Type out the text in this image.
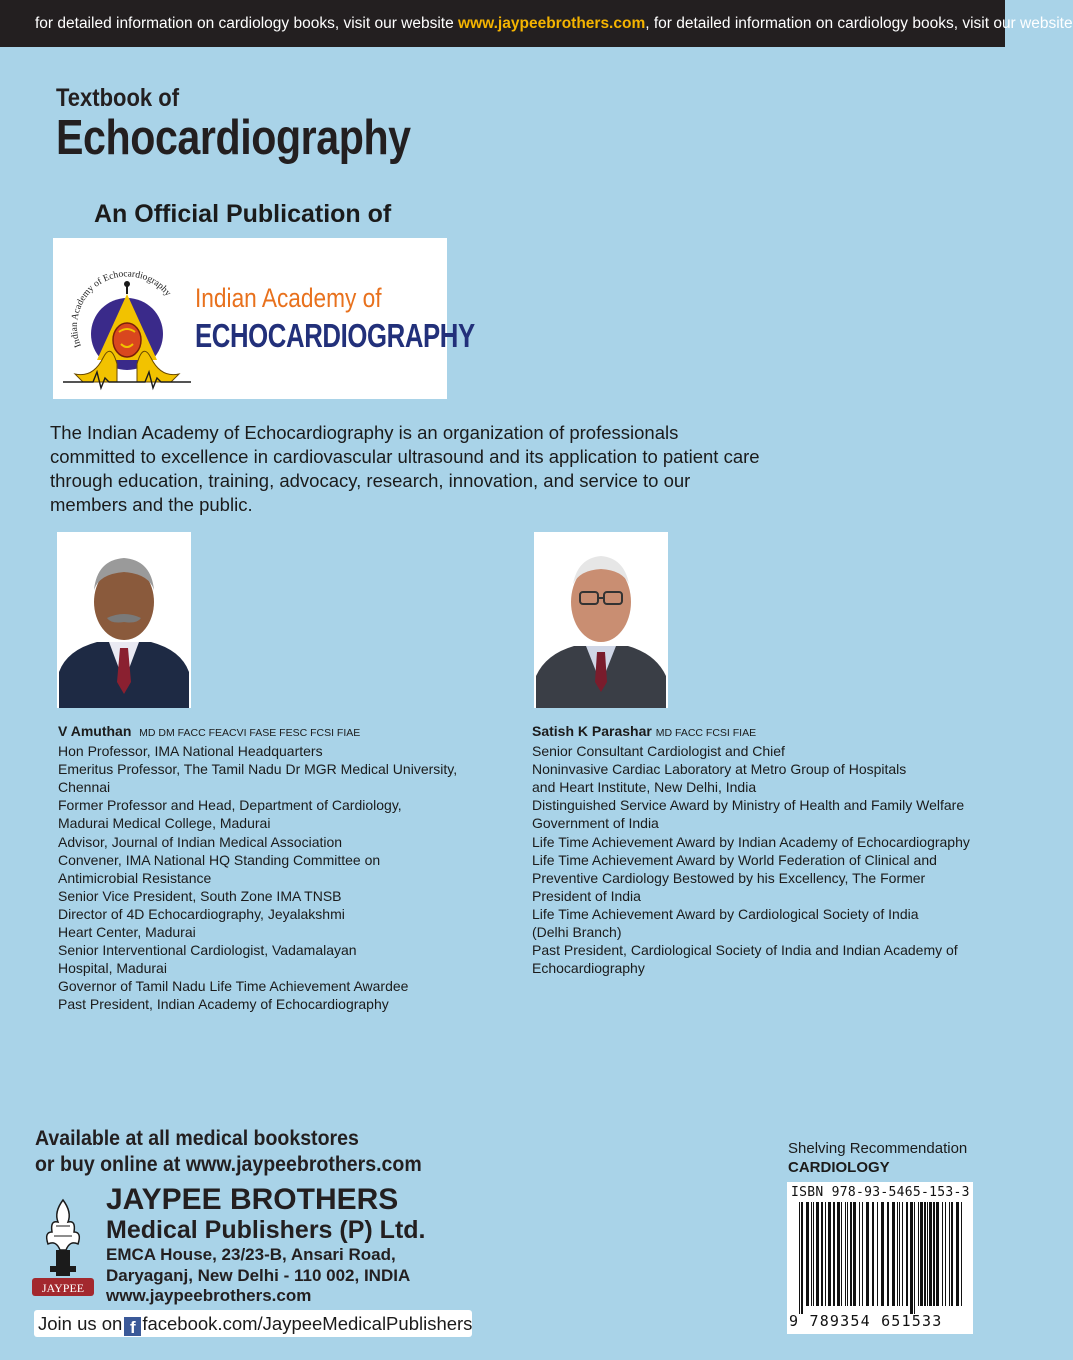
for detailed information on cardiology books, visit our website www.jaypeebrothers.com, for detailed information on cardiology books, visit our website
Textbook of
Echocardiography
An Official Publication of
Indian Academy of Echocardiography Indian Academy of
ECHOCARDIOGRAPHY
The Indian Academy of Echocardiography is an organization of professionals committed to excellence in cardiovascular ultrasound and its application to patient care through education, training, advocacy, research, innovation, and service to our members and the public.
V Amuthan MD DM FACC FEACVI FASE FESC FCSI FIAE
Hon Professor, IMA National Headquarters
Emeritus Professor, The Tamil Nadu Dr MGR Medical University,
Chennai
Former Professor and Head, Department of Cardiology,
Madurai Medical College, Madurai
Advisor, Journal of Indian Medical Association
Convener, IMA National HQ Standing Committee on
Antimicrobial Resistance
Senior Vice President, South Zone IMA TNSB
Director of 4D Echocardiography, Jeyalakshmi
Heart Center, Madurai
Senior Interventional Cardiologist, Vadamalayan
Hospital, Madurai
Governor of Tamil Nadu Life Time Achievement Awardee
Past President, Indian Academy of Echocardiography
Satish K Parashar MD FACC FCSI FIAE
Senior Consultant Cardiologist and Chief
Noninvasive Cardiac Laboratory at Metro Group of Hospitals
and Heart Institute, New Delhi, India
Distinguished Service Award by Ministry of Health and Family Welfare
Government of India
Life Time Achievement Award by Indian Academy of Echocardiography
Life Time Achievement Award by World Federation of Clinical and
Preventive Cardiology Bestowed by his Excellency, The Former
President of India
Life Time Achievement Award by Cardiological Society of India
(Delhi Branch)
Past President, Cardiological Society of India and Indian Academy of
Echocardiography
Available at all medical bookstores
or buy online at www.jaypeebrothers.com
JAYPEE
JAYPEE BROTHERS
Medical Publishers (P) Ltd.
EMCA House, 23/23-B, Ansari Road,
Daryaganj, New Delhi - 110 002, INDIA
www.jaypeebrothers.com
Join us on f facebook.com/JaypeeMedicalPublishers
Shelving Recommendation
CARDIOLOGY
ISBN 978-93-5465-153-3
9 789354 651533
